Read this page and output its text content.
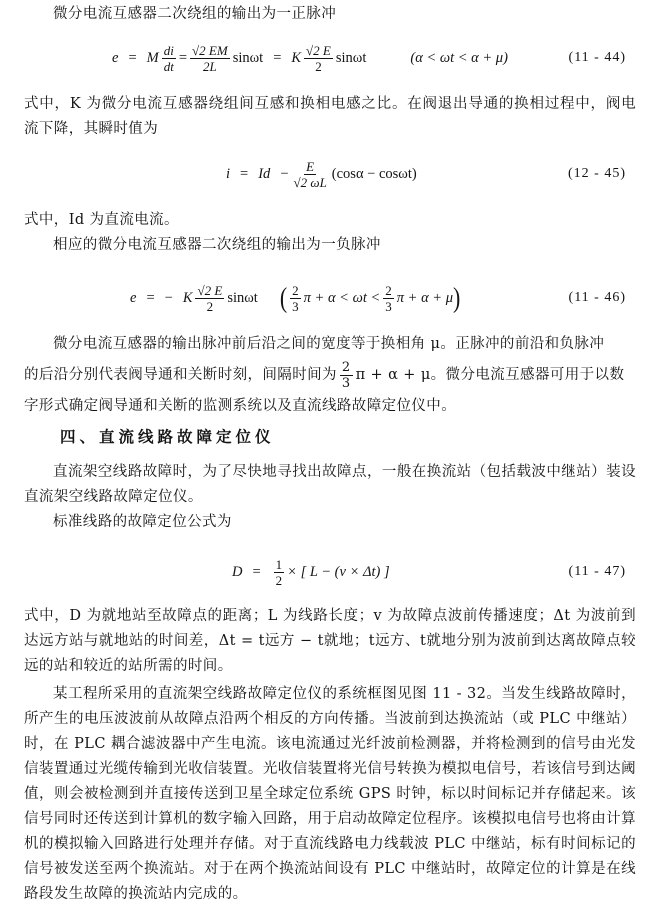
微分电流互感器二次绕组的输出为一正脉冲

e = M $\frac{di}{dt} = \frac{√2 EM}{2L}$ sinωt = K $\frac{√2 E}{2}$ sinωt	(α < ωt < α + μ)	(11 - 44)

式中，K 为微分电流互感器绕组间互感和换相电感之比。在阀退出导通的换相过程中，阀电流下降，其瞬时值为

$i = Id - \frac{E}{√2 \omega L} (\cos\alpha - \cos\omega t)$	(12 - 45)

式中，Id 为直流电流。

相应的微分电流互感器二次绕组的输出为一负脉冲

e = − K $\frac{√2 E}{2}$ sinωt ( $\frac{2}{3}$ $\pi + \alpha < \omega t < \frac{2}{3}$ π + α + μ )	(11 - 46)

微分电流互感器的输出脉冲前后沿之间的宽度等于换相角 μ。正脉冲的前沿和负脉冲

的后沿分别代表阀导通和关断时刻，间隔时间为 $\frac{2}{3}$ π + α + μ。微分电流互感器可用于以数

字形式确定阀导通和关断的监测系统以及直流线路故障定位仪中。

四、直流线路故障定位仪

直流架空线路故障时，为了尽快地寻找出故障点，一般在换流站（包括载波中继站）装设直流架空线路故障定位仪。

标准线路的故障定位公式为

$D = \frac{1}{2}$ × [ L − (v × Δt) ]	(11 - 47)

式中，D 为就地站至故障点的距离；L 为线路长度；v 为故障点波前传播速度；Δt 为波前到达远方站与就地站的时间差，Δt = t远方 − t就地；t远方、t就地分别为波前到达离故障点较远的站和较近的站所需的时间。

某工程所采用的直流架空线路故障定位仪的系统框图见图 11 - 32。当发生线路故障时，所产生的电压波波前从故障点沿两个相反的方向传播。当波前到达换流站（或 PLC 中继站）时，在 PLC 耦合滤波器中产生电流。该电流通过光纤波前检测器，并将检测到的信号由光发信装置通过光缆传输到光收信装置。光收信装置将光信号转换为模拟电信号，若该信号到达阈值，则会被检测到并直接传送到卫星全球定位系统 GPS 时钟，标以时间标记并存储起来。该信号同时还传送到计算机的数字输入回路，用于启动故障定位程序。该模拟电信号也将由计算机的模拟输入回路进行处理并存储。对于直流线路电力线载波 PLC 中继站，标有时间标记的信号被发送至两个换流站。对于在两个换流站间设有 PLC 中继站时，故障定位的计算是在线路段发生故障的换流站内完成的。
